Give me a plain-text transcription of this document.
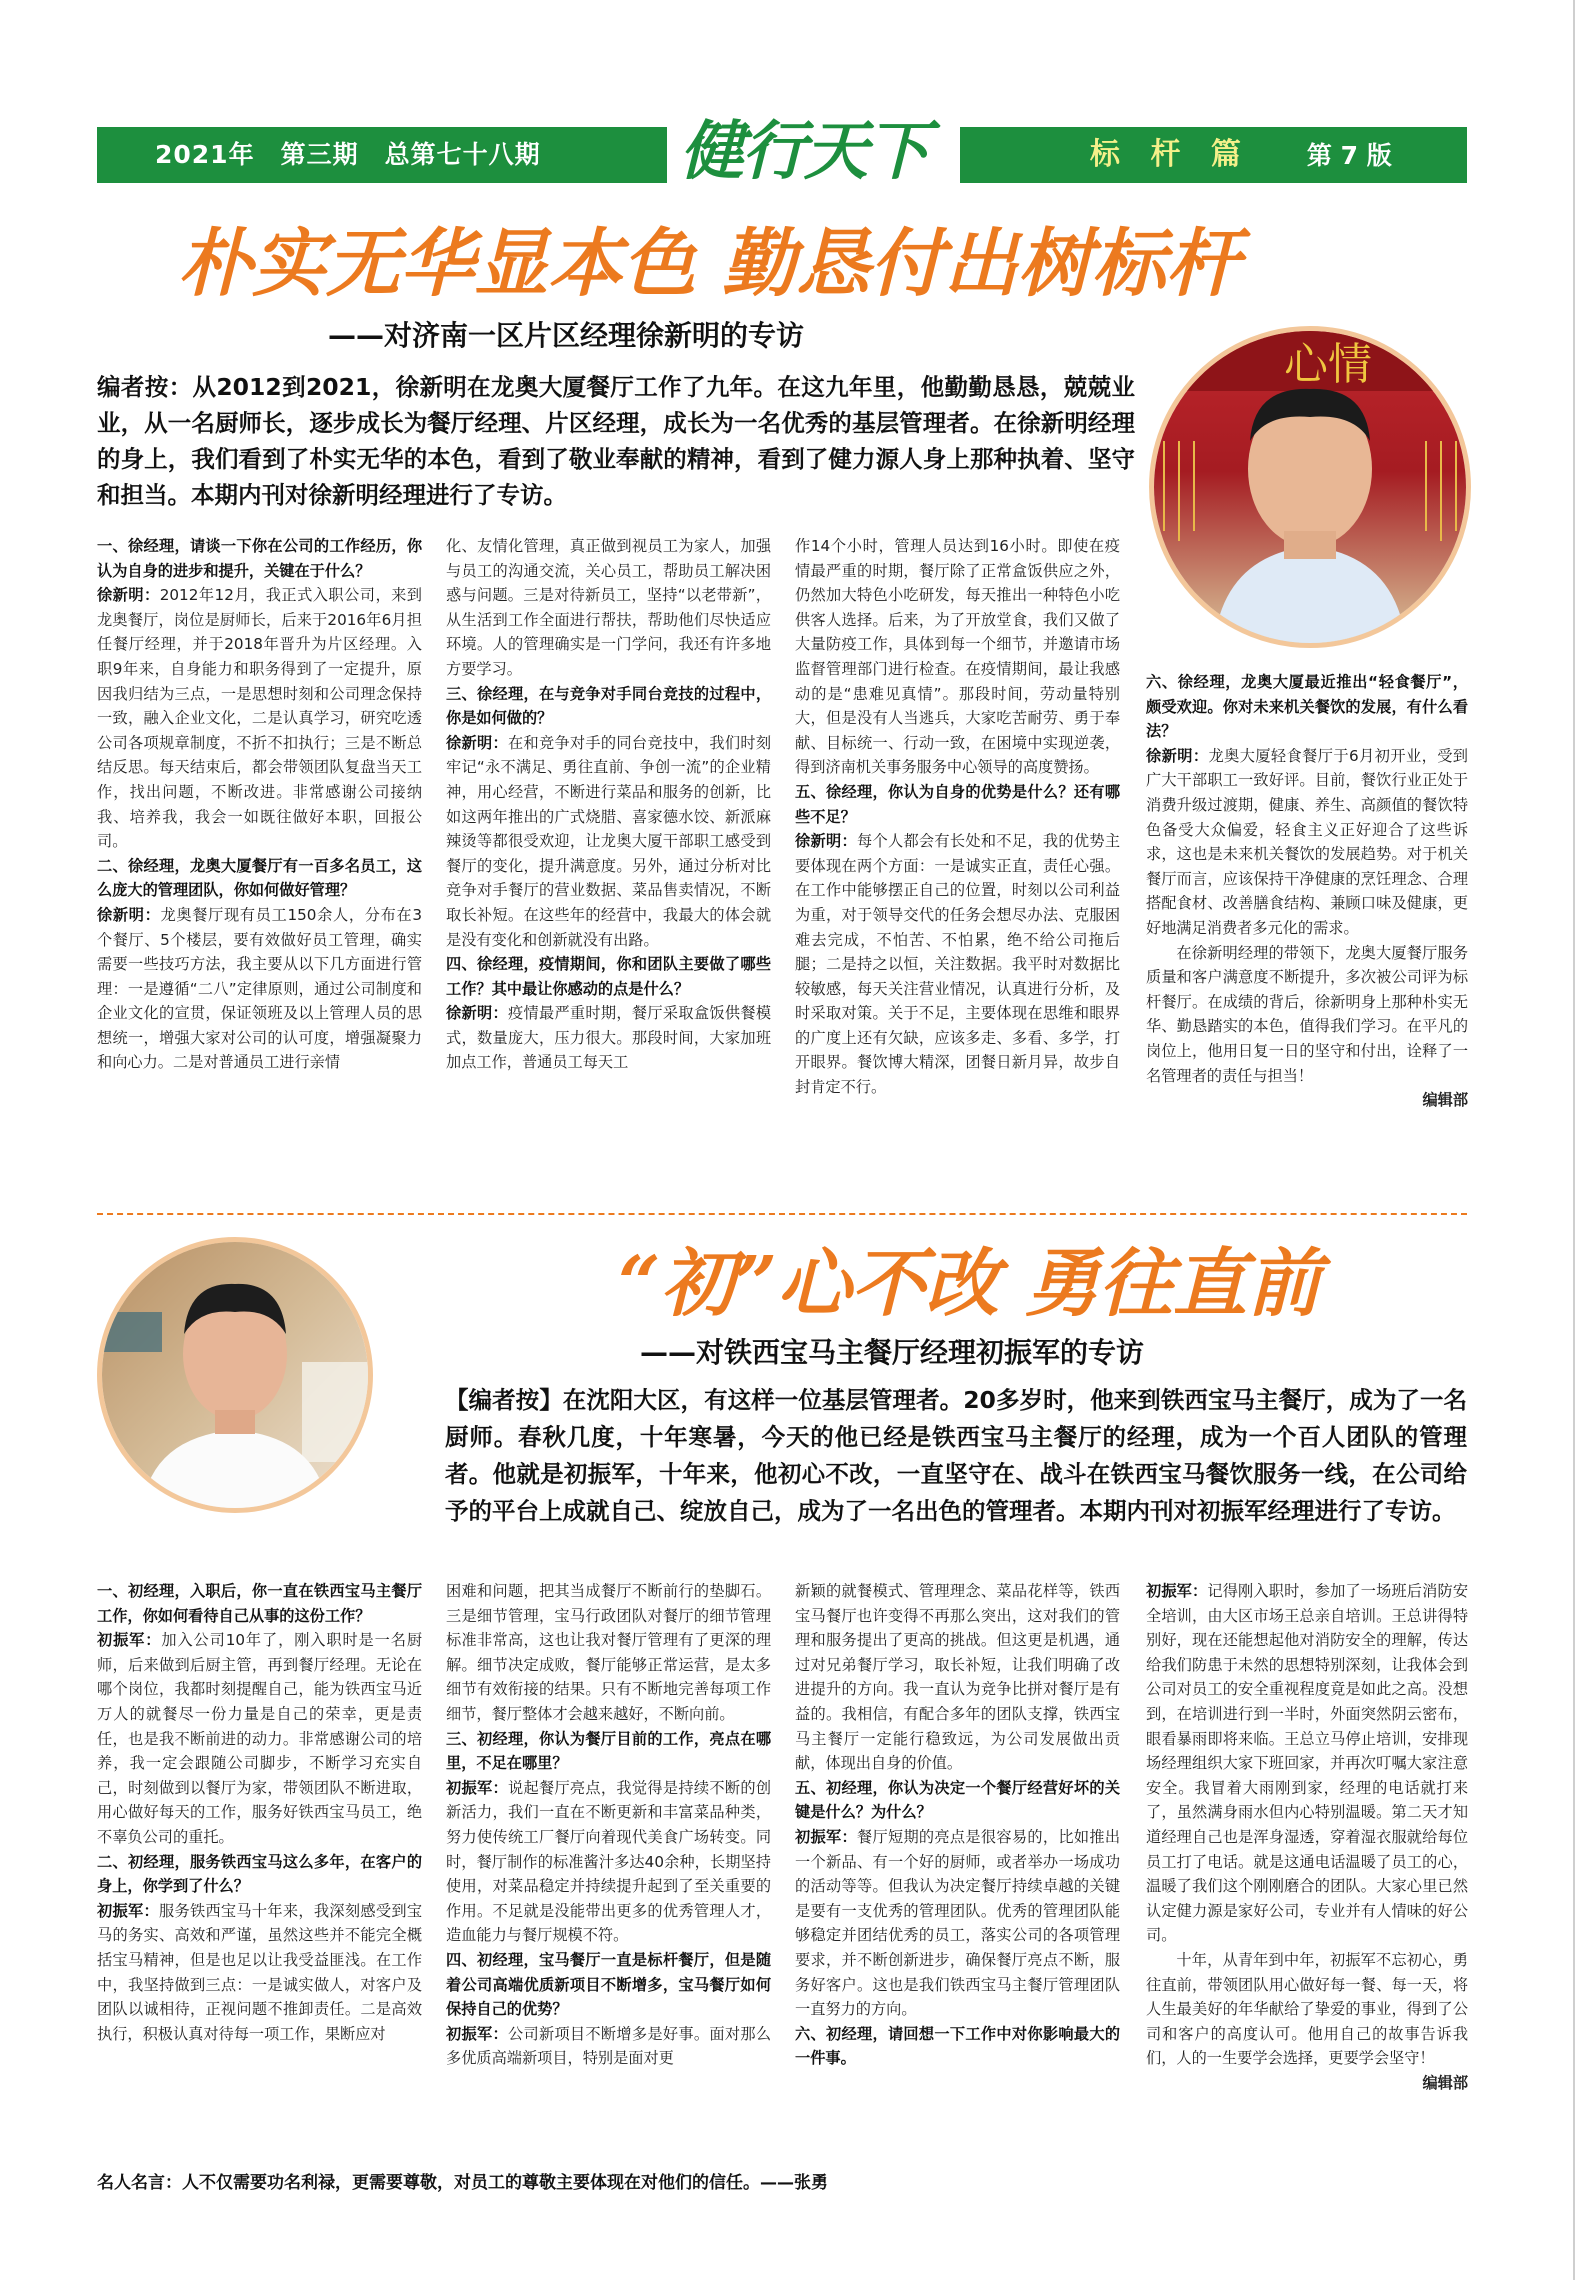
2021年　第三期　总第七十八期	健行天下	标 杆 篇 第 7 版
朴实无华显本色 勤恳付出树标杆
——对济南一区片区经理徐新明的专访
心情
编者按：从2012到2021，徐新明在龙奥大厦餐厅工作了九年。在这九年里，他勤勤恳恳，兢兢业业，从一名厨师长，逐步成长为餐厅经理、片区经理，成长为一名优秀的基层管理者。在徐新明经理的身上，我们看到了朴实无华的本色，看到了敬业奉献的精神，看到了健力源人身上那种执着、坚守和担当。本期内刊对徐新明经理进行了专访。

一、徐经理，请谈一下你在公司的工作经历，你认为自身的进步和提升，关键在于什么？

徐新明：2012年12月，我正式入职公司，来到龙奥餐厅，岗位是厨师长，后来于2016年6月担任餐厅经理，并于2018年晋升为片区经理。入职9年来，自身能力和职务得到了一定提升，原因我归结为三点，一是思想时刻和公司理念保持一致，融入企业文化，二是认真学习，研究吃透公司各项规章制度，不折不扣执行；三是不断总结反思。每天结束后，都会带领团队复盘当天工作，找出问题，不断改进。非常感谢公司接纳我、培养我，我会一如既往做好本职，回报公司。

二、徐经理，龙奥大厦餐厅有一百多名员工，这么庞大的管理团队，你如何做好管理？

徐新明：龙奥餐厅现有员工150余人，分布在3个餐厅、5个楼层，要有效做好员工管理，确实需要一些技巧方法，我主要从以下几方面进行管理：一是遵循“二八”定律原则，通过公司制度和企业文化的宣贯，保证领班及以上管理人员的思想统一，增强大家对公司的认可度，增强凝聚力和向心力。二是对普通员工进行亲情

化、友情化管理，真正做到视员工为家人，加强与员工的沟通交流，关心员工，帮助员工解决困惑与问题。三是对待新员工，坚持“以老带新”，从生活到工作全面进行帮扶，帮助他们尽快适应环境。人的管理确实是一门学问，我还有许多地方要学习。

三、徐经理，在与竞争对手同台竞技的过程中，你是如何做的？

徐新明：在和竞争对手的同台竞技中，我们时刻牢记“永不满足、勇往直前、争创一流”的企业精神，用心经营，不断进行菜品和服务的创新，比如这两年推出的广式烧腊、喜家德水饺、新派麻辣烫等都很受欢迎，让龙奥大厦干部职工感受到餐厅的变化，提升满意度。另外，通过分析对比竞争对手餐厅的营业数据、菜品售卖情况，不断取长补短。在这些年的经营中，我最大的体会就是没有变化和创新就没有出路。

四、徐经理，疫情期间，你和团队主要做了哪些工作？其中最让你感动的点是什么？

徐新明：疫情最严重时期，餐厅采取盒饭供餐模式，数量庞大，压力很大。那段时间，大家加班加点工作，普通员工每天工

作14个小时，管理人员达到16小时。即使在疫情最严重的时期，餐厅除了正常盒饭供应之外，仍然加大特色小吃研发，每天推出一种特色小吃供客人选择。后来，为了开放堂食，我们又做了大量防疫工作，具体到每一个细节，并邀请市场监督管理部门进行检查。在疫情期间，最让我感动的是“患难见真情”。那段时间，劳动量特别大，但是没有人当逃兵，大家吃苦耐劳、勇于奉献、目标统一、行动一致，在困境中实现逆袭，得到济南机关事务服务中心领导的高度赞扬。

五、徐经理，你认为自身的优势是什么？还有哪些不足？

徐新明：每个人都会有长处和不足，我的优势主要体现在两个方面：一是诚实正直，责任心强。在工作中能够摆正自己的位置，时刻以公司利益为重，对于领导交代的任务会想尽办法、克服困难去完成，不怕苦、不怕累，绝不给公司拖后腿；二是持之以恒，关注数据。我平时对数据比较敏感，每天关注营业情况，认真进行分析，及时采取对策。关于不足，主要体现在思维和眼界的广度上还有欠缺，应该多走、多看、多学，打开眼界。餐饮博大精深，团餐日新月异，故步自封肯定不行。

六、徐经理，龙奥大厦最近推出“轻食餐厅”，颇受欢迎。你对未来机关餐饮的发展，有什么看法？

徐新明：龙奥大厦轻食餐厅于6月初开业，受到广大干部职工一致好评。目前，餐饮行业正处于消费升级过渡期，健康、养生、高颜值的餐饮特色备受大众偏爱，轻食主义正好迎合了这些诉求，这也是未来机关餐饮的发展趋势。对于机关餐厅而言，应该保持干净健康的烹饪理念、合理搭配食材、改善膳食结构、兼顾口味及健康，更好地满足消费者多元化的需求。

在徐新明经理的带领下，龙奥大厦餐厅服务质量和客户满意度不断提升，多次被公司评为标杆餐厅。在成绩的背后，徐新明身上那种朴实无华、勤恳踏实的本色，值得我们学习。在平凡的岗位上，他用日复一日的坚守和付出，诠释了一名管理者的责任与担当！

编辑部

“初”心不改 勇往直前
——对铁西宝马主餐厅经理初振军的专访
【编者按】在沈阳大区，有这样一位基层管理者。20多岁时，他来到铁西宝马主餐厅，成为了一名厨师。春秋几度，十年寒暑，今天的他已经是铁西宝马主餐厅的经理，成为一个百人团队的管理者。他就是初振军，十年来，他初心不改，一直坚守在、战斗在铁西宝马餐饮服务一线，在公司给予的平台上成就自己、绽放自己，成为了一名出色的管理者。本期内刊对初振军经理进行了专访。

一、初经理，入职后，你一直在铁西宝马主餐厅工作，你如何看待自己从事的这份工作？

初振军：加入公司10年了，刚入职时是一名厨师，后来做到后厨主管，再到餐厅经理。无论在哪个岗位，我都时刻提醒自己，能为铁西宝马近万人的就餐尽一份力量是自己的荣幸，更是责任，也是我不断前进的动力。非常感谢公司的培养，我一定会跟随公司脚步，不断学习充实自己，时刻做到以餐厅为家，带领团队不断进取，用心做好每天的工作，服务好铁西宝马员工，绝不辜负公司的重托。

二、初经理，服务铁西宝马这么多年，在客户的身上，你学到了什么？

初振军：服务铁西宝马十年来，我深刻感受到宝马的务实、高效和严谨，虽然这些并不能完全概括宝马精神，但是也足以让我受益匪浅。在工作中，我坚持做到三点：一是诚实做人，对客户及团队以诚相待，正视问题不推卸责任。二是高效执行，积极认真对待每一项工作，果断应对

困难和问题，把其当成餐厅不断前行的垫脚石。三是细节管理，宝马行政团队对餐厅的细节管理标准非常高，这也让我对餐厅管理有了更深的理解。细节决定成败，餐厅能够正常运营，是太多细节有效衔接的结果。只有不断地完善每项工作细节，餐厅整体才会越来越好，不断向前。

三、初经理，你认为餐厅目前的工作，亮点在哪里，不足在哪里？

初振军：说起餐厅亮点，我觉得是持续不断的创新活力，我们一直在不断更新和丰富菜品种类，努力使传统工厂餐厅向着现代美食广场转变。同时，餐厅制作的标准酱汁多达40余种，长期坚持使用，对菜品稳定并持续提升起到了至关重要的作用。不足就是没能带出更多的优秀管理人才，造血能力与餐厅规模不符。

四、初经理，宝马餐厅一直是标杆餐厅，但是随着公司高端优质新项目不断增多，宝马餐厅如何保持自己的优势？

初振军：公司新项目不断增多是好事。面对那么多优质高端新项目，特别是面对更

新颖的就餐模式、管理理念、菜品花样等，铁西宝马餐厅也许变得不再那么突出，这对我们的管理和服务提出了更高的挑战。但这更是机遇，通过对兄弟餐厅学习，取长补短，让我们明确了改进提升的方向。我一直认为竞争比拼对餐厅是有益的。我相信，有配合多年的团队支撑，铁西宝马主餐厅一定能行稳致远，为公司发展做出贡献，体现出自身的价值。

五、初经理，你认为决定一个餐厅经营好坏的关键是什么？为什么？

初振军：餐厅短期的亮点是很容易的，比如推出一个新品、有一个好的厨师，或者举办一场成功的活动等等。但我认为决定餐厅持续卓越的关键是要有一支优秀的管理团队。优秀的管理团队能够稳定并团结优秀的员工，落实公司的各项管理要求，并不断创新进步，确保餐厅亮点不断，服务好客户。这也是我们铁西宝马主餐厅管理团队一直努力的方向。

六、初经理，请回想一下工作中对你影响最大的一件事。

初振军：记得刚入职时，参加了一场班后消防安全培训，由大区市场王总亲自培训。王总讲得特别好，现在还能想起他对消防安全的理解，传达给我们防患于未然的思想特别深刻，让我体会到公司对员工的安全重视程度竟是如此之高。没想到，在培训进行到一半时，外面突然阴云密布，眼看暴雨即将来临。王总立马停止培训，安排现场经理组织大家下班回家，并再次叮嘱大家注意安全。我冒着大雨刚到家，经理的电话就打来了，虽然满身雨水但内心特别温暖。第二天才知道经理自己也是浑身湿透，穿着湿衣服就给每位员工打了电话。就是这通电话温暖了员工的心，温暖了我们这个刚刚磨合的团队。大家心里已然认定健力源是家好公司，专业并有人情味的好公司。

十年，从青年到中年，初振军不忘初心，勇往直前，带领团队用心做好每一餐、每一天，将人生最美好的年华献给了挚爱的事业，得到了公司和客户的高度认可。他用自己的故事告诉我们，人的一生要学会选择，更要学会坚守！

编辑部

名人名言：人不仅需要功名利禄，更需要尊敬，对员工的尊敬主要体现在对他们的信任。——张勇
